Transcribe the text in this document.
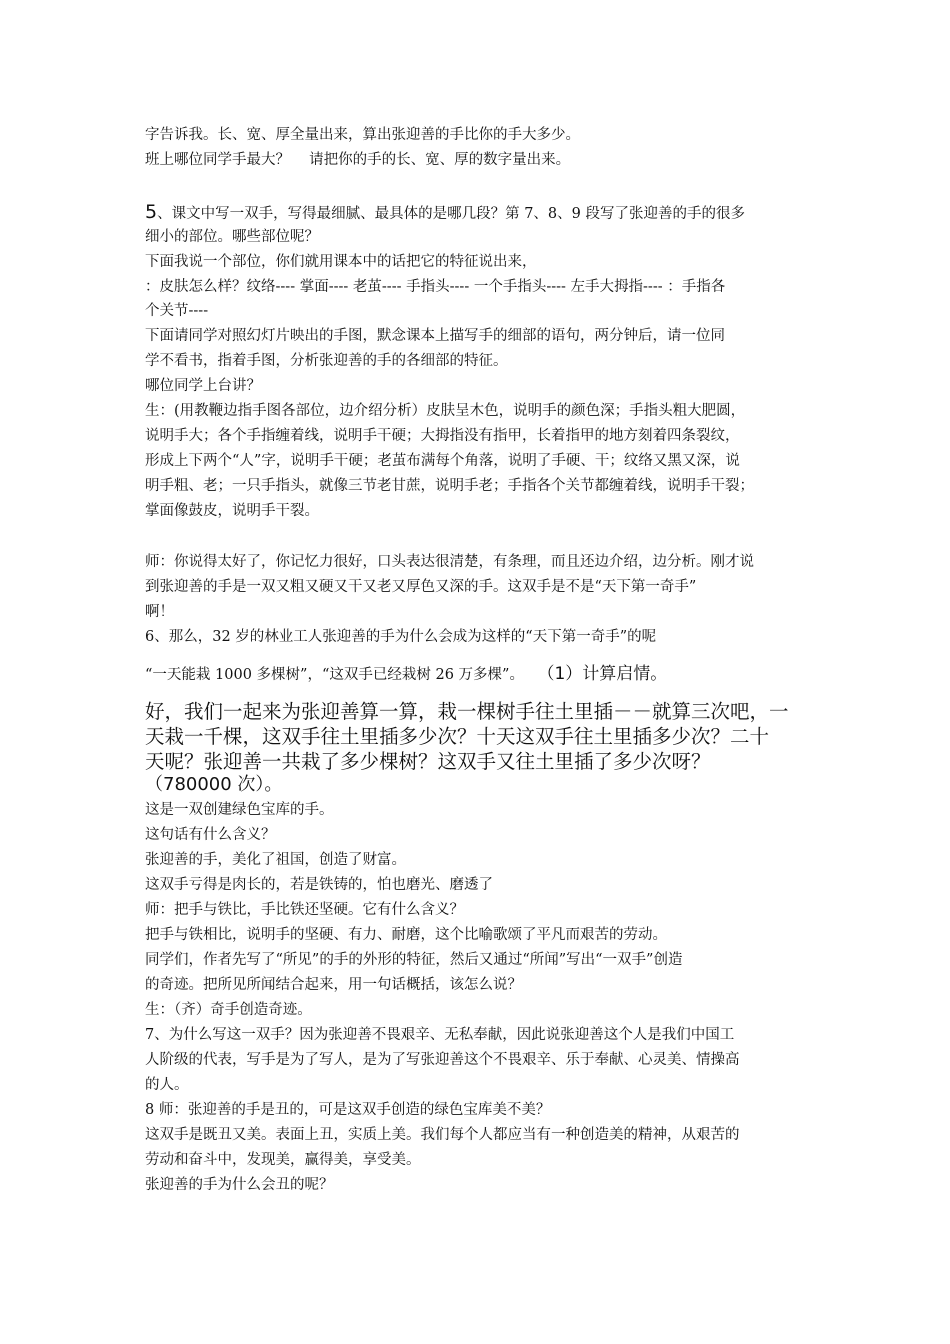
字告诉我。长、宽、厚全量出来，算出张迎善的手比你的手大多少。
班上哪位同学手最大？　 请把你的手的长、宽、厚的数字量出来。
5、课文中写一双手，写得最细腻、最具体的是哪几段？第 7、8、9 段写了张迎善的手的很多
细小的部位。哪些部位呢？
下面我说一个部位，你们就用课本中的话把它的特征说出来，
：皮肤怎么样？纹络---- 掌面---- 老茧---- 手指头---- 一个手指头---- 左手大拇指---- ：手指各
个关节----
下面请同学对照幻灯片映出的手图，默念课本上描写手的细部的语句，两分钟后，请一位同
学不看书，指着手图，分析张迎善的手的各细部的特征。
哪位同学上台讲？
生：(用教鞭边指手图各部位，边介绍分析）皮肤呈木色，说明手的颜色深；手指头粗大肥圆，
说明手大；各个手指缠着线，说明手干硬；大拇指没有指甲，长着指甲的地方刻着四条裂纹，
形成上下两个“人”字，说明手干硬；老茧布满每个角落，说明了手硬、干；纹络又黑又深，说
明手粗、老；一只手指头，就像三节老甘蔗，说明手老；手指各个关节都缠着线，说明手干裂；
掌面像鼓皮，说明手干裂。
师：你说得太好了，你记忆力很好，口头表达很清楚，有条理，而且还边介绍，边分析。刚才说
到张迎善的手是一双又粗又硬又干又老又厚色又深的手。这双手是不是“天下第一奇手”
啊！
6、那么，32 岁的林业工人张迎善的手为什么会成为这样的“天下第一奇手”的呢
“一天能栽 1000 多棵树”，“这双手已经栽树 26 万多棵”。 （1）计算启情。
好，我们一起来为张迎善算一算，栽一棵树手往土里插－－就算三次吧，一
天栽一千棵，这双手往土里插多少次？十天这双手往土里插多少次？二十
天呢？张迎善一共栽了多少棵树？这双手又往土里插了多少次呀？
（780000 次）。
这是一双创建绿色宝库的手。
这句话有什么含义？
张迎善的手，美化了祖国，创造了财富。
这双手亏得是肉长的，若是铁铸的，怕也磨光、磨透了
师：把手与铁比，手比铁还坚硬。它有什么含义？
把手与铁相比，说明手的坚硬、有力、耐磨，这个比喻歌颂了平凡而艰苦的劳动。
同学们，作者先写了“所见”的手的外形的特征，然后又通过“所闻”写出“一双手”创造
的奇迹。把所见所闻结合起来，用一句话概括，该怎么说？
生：（齐）奇手创造奇迹。
7、为什么写这一双手？因为张迎善不畏艰辛、无私奉献，因此说张迎善这个人是我们中国工
人阶级的代表，写手是为了写人，是为了写张迎善这个不畏艰辛、乐于奉献、心灵美、情操高
的人。
8 师：张迎善的手是丑的，可是这双手创造的绿色宝库美不美？
这双手是既丑又美。表面上丑，实质上美。我们每个人都应当有一种创造美的精神，从艰苦的
劳动和奋斗中，发现美，赢得美，享受美。
张迎善的手为什么会丑的呢？
